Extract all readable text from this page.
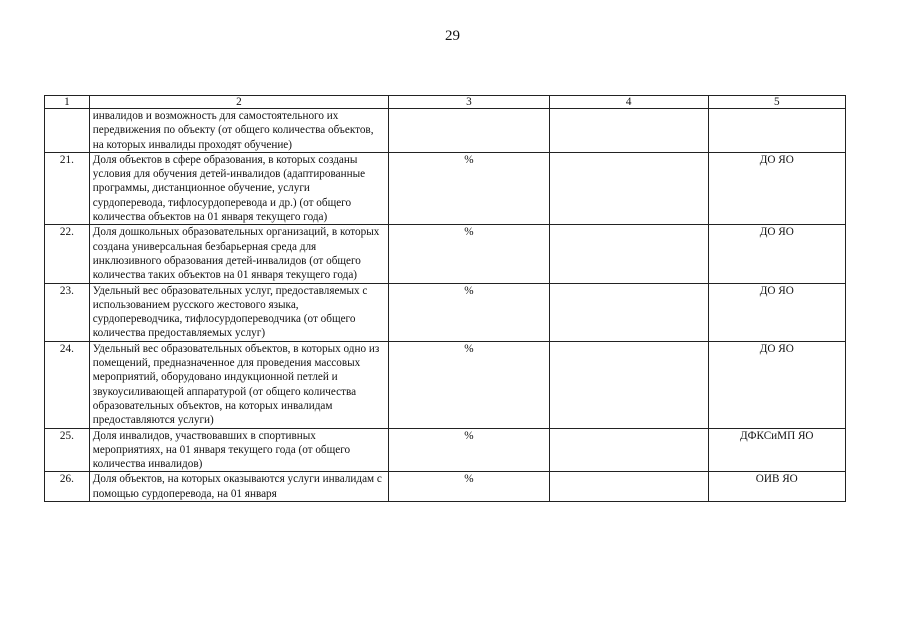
29
1	2	3	4	5
	инвалидов и возможность для самостоятельного их передвижения по объекту (от общего количества объектов, на которых инвалиды проходят обучение)			
21.	Доля объектов в сфере образования, в которых созданы условия для обучения детей-инвалидов (адаптированные программы, дистанционное обучение, услуги сурдоперевода, тифлосурдоперевода и др.) (от общего количества объектов на 01 января текущего года)	%		ДО ЯО
22.	Доля дошкольных образовательных организаций, в которых создана универсальная безбарьерная среда для инклюзивного образования детей-инвалидов (от общего количества таких объектов на 01 января текущего года)	%		ДО ЯО
23.	Удельный вес образовательных услуг, предоставляемых с использованием русского жестового языка, сурдопереводчика, тифлосурдопереводчика (от общего количества предоставляемых услуг)	%		ДО ЯО
24.	Удельный вес образовательных объектов, в которых одно из помещений, предназначенное для проведения массовых мероприятий, оборудовано индукционной петлей и звукоусиливающей аппаратурой (от общего количества образовательных объектов, на которых инвалидам предоставляются услуги)	%		ДО ЯО
25.	Доля инвалидов, участвовавших в спортивных мероприятиях, на 01 января текущего года (от общего количества инвалидов)	%		ДФКСиМП ЯО
26.	Доля объектов, на которых оказываются услуги инвалидам с помощью сурдоперевода, на 01 января	%		ОИВ ЯО
